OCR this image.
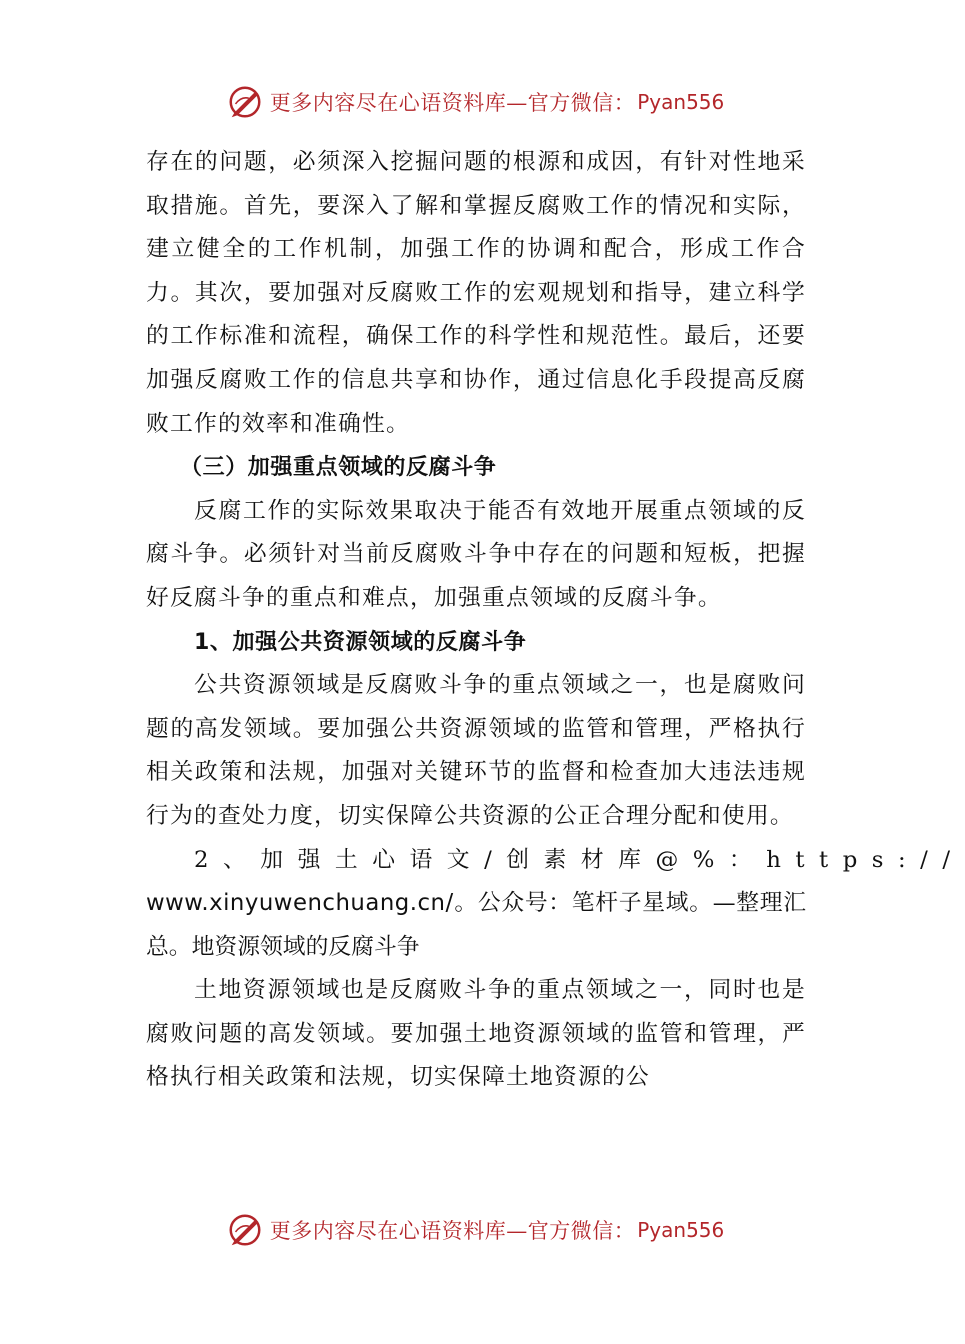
更多内容尽在心语资料库—官方微信： Pyan556

存在的问题，必须深入挖掘问题的根源和成因，有针对性地采取措施。首先，要深入了解和掌握反腐败工作的情况和实际，建立健全的工作机制，加强工作的协调和配合，形成工作合力。其次，要加强对反腐败工作的宏观规划和指导，建立科学的工作标准和流程，确保工作的科学性和规范性。最后，还要加强反腐败工作的信息共享和协作，通过信息化手段提高反腐败工作的效率和准确性。

（三）加强重点领域的反腐斗争

反腐工作的实际效果取决于能否有效地开展重点领域的反腐斗争。必须针对当前反腐败斗争中存在的问题和短板，把握好反腐斗争的重点和难点，加强重点领域的反腐斗争。

1、加强公共资源领域的反腐斗争

公共资源领域是反腐败斗争的重点领域之一，也是腐败问题的高发领域。要加强公共资源领域的监管和管理，严格执行相关政策和法规，加强对关键环节的监督和检查加大违法违规行为的查处力度，切实保障公共资源的公正合理分配和使用。

2、加强土心语文/创素材库@%：https://

www.xinyuwenchuang.cn/。公众号：笔杆子星域。—整理汇总。地资源领域的反腐斗争

土地资源领域也是反腐败斗争的重点领域之一，同时也是腐败问题的高发领域。要加强土地资源领域的监管和管理，严格执行相关政策和法规，切实保障土地资源的公

更多内容尽在心语资料库—官方微信： Pyan556
